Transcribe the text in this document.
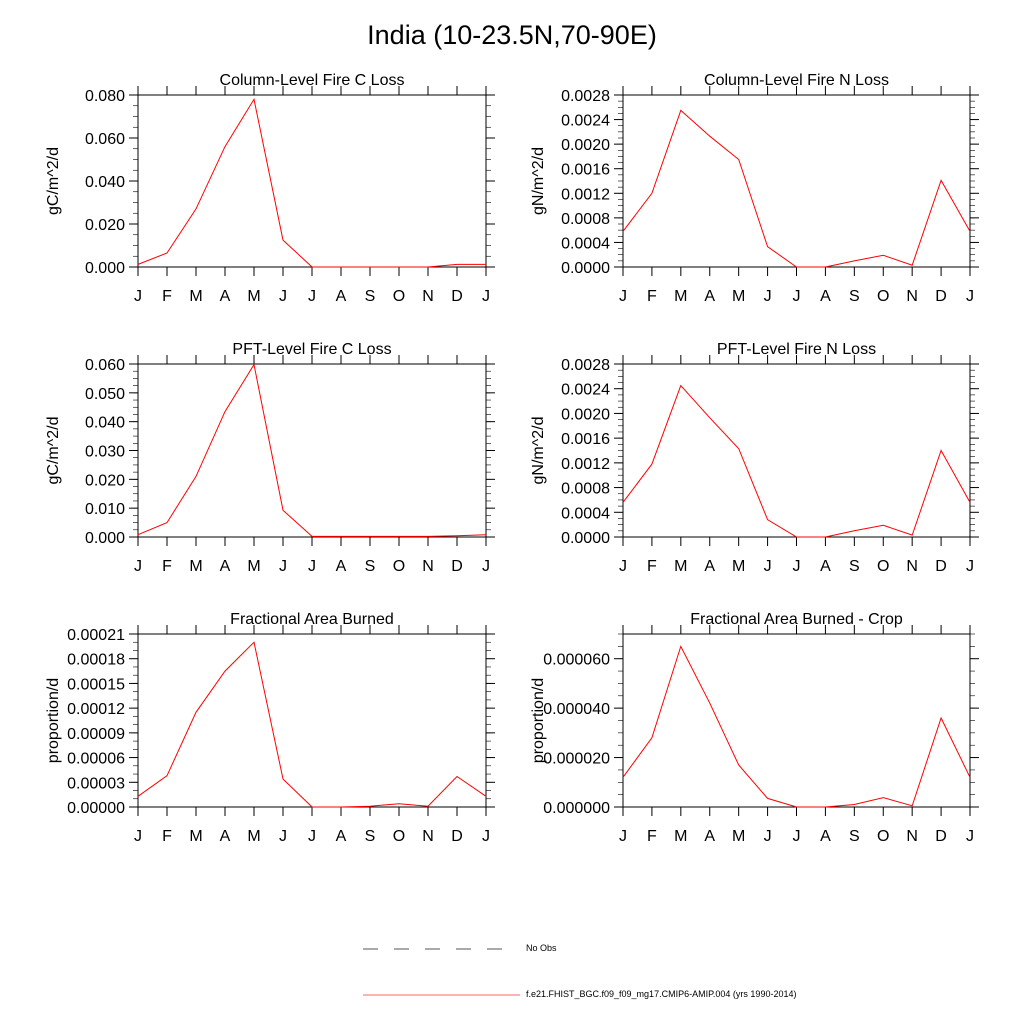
India (10-23.5N,70-90E)
Column-Level Fire C Loss
gC/m^2/d
0.000
0.020
0.040
0.060
0.080
J F M A M J J A S O N D J
Column-Level Fire N Loss
gN/m^2/d
0.0000
0.0004
0.0008
0.0012
0.0016
0.0020
0.0024
0.0028
J F M A M J J A S O N D J
PFT-Level Fire C Loss
gC/m^2/d
0.000
0.010
0.020
0.030
0.040
0.050
0.060
J F M A M J J A S O N D J
PFT-Level Fire N Loss
gN/m^2/d
0.0000
0.0004
0.0008
0.0012
0.0016
0.0020
0.0024
0.0028
J F M A M J J A S O N D J
Fractional Area Burned
proportion/d
0.00000
0.00003
0.00006
0.00009
0.00012
0.00015
0.00018
0.00021
J F M A M J J A S O N D J
Fractional Area Burned - Crop
proportion/d
0.000000
0.000020
0.000040
0.000060
J F M A M J J A S O N D J
No Obs
f.e21.FHIST_BGC.f09_f09_mg17.CMIP6-AMIP.004 (yrs 1990-2014)
